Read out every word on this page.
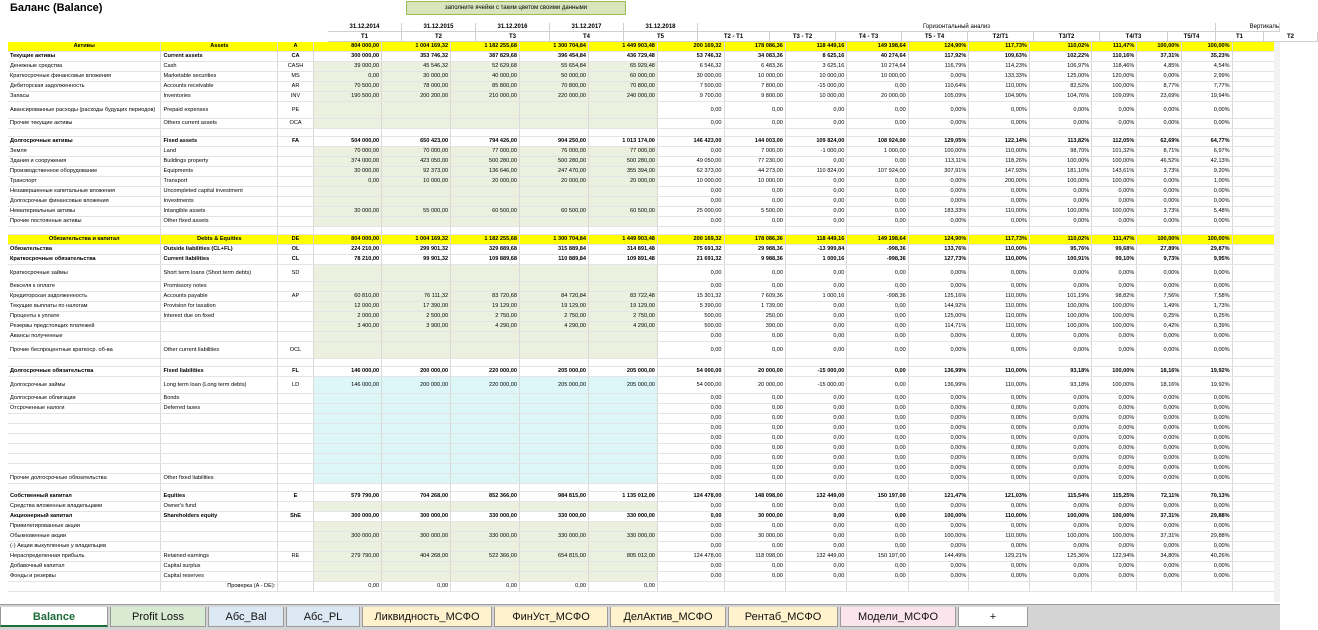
Баланс (Balance)	заполните ячейки с таким цветом своими данными
31.12.2014	31.12.2015	31.12.2016	31.12.2017	31.12.2018	Горизонтальный анализ	Вертикаль
T1	T2	T3	T4	T5	T2 - T1	T3 - T2	T4 - T3	T5 - T4	T2/T1	T3/T2	T4/T3	T5/T4	T1	T2
Активы	Assets	A	804 000,00	1 004 169,32	1 182 255,68	1 300 704,84	1 449 903,48	200 169,32	178 086,36	118 449,16	149 198,64	124,90%	117,73%	110,02%	111,47%	100,00%	100,00%	
Текущие активы	Current assets	CA	300 000,00	353 746,32	387 829,68	396 454,84	436 729,48	53 746,32	34 083,36	8 625,16	40 274,64	117,92%	109,63%	102,22%	110,16%	37,31%	35,23%	
Денежные средства	Cash	CASH	39 000,00	45 546,32	52 629,68	55 654,84	65 929,48	6 546,32	6 483,36	3 625,16	10 274,64	116,79%	114,23%	106,97%	118,46%	4,85%	4,54%	
Краткосрочные финансовые вложения	Marketable securities	MS	0,00	30 000,00	40 000,00	50 000,00	60 000,00	30 000,00	10 000,00	10 000,00	10 000,00	0,00%	133,33%	125,00%	120,00%	0,00%	2,99%	
Дебиторская задолженность	Accounts receivable	AR	70 500,00	78 000,00	85 800,00	70 800,00	70 800,00	7 500,00	7 800,00	-15 000,00	0,00	110,64%	110,00%	82,52%	100,00%	8,77%	7,77%	
Запасы	Inventories	INV	190 500,00	200 200,00	210 000,00	220 000,00	240 000,00	9 700,00	9 800,00	10 000,00	20 000,00	105,09%	104,90%	104,76%	109,09%	23,69%	19,94%	
Авансированные расходы (расходы будущих периодов)	Prepaid expenses	PE						0,00	0,00	0,00	0,00	0,00%	0,00%	0,00%	0,00%	0,00%	0,00%	
Прочие текущие активы	Others current assets	OCA						0,00	0,00	0,00	0,00	0,00%	0,00%	0,00%	0,00%	0,00%	0,00%	

Долгосрочные активы	Fixed assets	FA	504 000,00	650 423,00	794 426,00	904 250,00	1 013 174,00	146 423,00	144 003,00	109 824,00	108 924,00	129,05%	122,14%	113,82%	112,05%	62,69%	64,77%	
Земля	Land		70 000,00	70 000,00	77 000,00	76 000,00	77 000,00	0,00	7 000,00	-1 000,00	1 000,00	100,00%	110,00%	98,70%	101,32%	8,71%	6,97%	
Здания и сооружения	Buildings property		374 000,00	423 050,00	500 280,00	500 280,00	500 280,00	49 050,00	77 230,00	0,00	0,00	113,11%	118,26%	100,00%	100,00%	46,52%	42,13%	
Производственное оборудование	Equipments		30 000,00	92 373,00	136 646,00	247 470,00	355 394,00	62 373,00	44 273,00	110 824,00	107 924,00	307,91%	147,93%	181,10%	143,61%	3,73%	9,20%	
Транспорт	Transport		0,00	10 000,00	20 000,00	20 000,00	20 000,00	10 000,00	10 000,00	0,00	0,00	0,00%	200,00%	100,00%	100,00%	0,00%	1,00%	
Незавершенные капитальные вложения	Uncompleted capital investment							0,00	0,00	0,00	0,00	0,00%	0,00%	0,00%	0,00%	0,00%	0,00%	
Долгосрочные финансовые вложения	Investments							0,00	0,00	0,00	0,00	0,00%	0,00%	0,00%	0,00%	0,00%	0,00%	
Нематериальные активы	Intangible assets		30 000,00	55 000,00	60 500,00	60 500,00	60 500,00	25 000,00	5 500,00	0,00	0,00	183,33%	110,00%	100,00%	100,00%	3,73%	5,48%	
Прочие постоянные активы	Other fixed assets							0,00	0,00	0,00	0,00	0,00%	0,00%	0,00%	0,00%	0,00%	0,00%	

Обязательства и капитал	Debts & Equities	DE	804 000,00	1 004 169,32	1 182 255,68	1 300 704,84	1 449 903,48	200 169,32	178 086,36	118 449,16	149 198,64	124,90%	117,73%	110,02%	111,47%	100,00%	100,00%	
Обязательства	Outside liabilities (CL+FL)	OL	224 210,00	299 901,32	329 889,68	315 889,84	314 891,48	75 691,32	29 988,36	-13 999,84	-998,36	133,76%	110,00%	95,76%	99,68%	27,89%	29,87%	
Краткосрочные обязательства	Current liabilities	CL	78 210,00	99 901,32	109 889,68	110 889,84	109 891,48	21 691,32	9 988,36	1 000,16	-998,36	127,73%	110,00%	100,91%	99,10%	9,73%	9,95%	
Краткосрочные займы	Short term loans (Short term debts)	SD						0,00	0,00	0,00	0,00	0,00%	0,00%	0,00%	0,00%	0,00%	0,00%	
Векселя к оплате	Promissory notes							0,00	0,00	0,00	0,00	0,00%	0,00%	0,00%	0,00%	0,00%	0,00%	
Кредиторская задолженность	Accounts payable	AP	60 810,00	76 111,32	83 720,68	84 720,84	83 722,48	15 301,32	7 609,36	1 000,16	-998,36	125,16%	110,00%	101,19%	98,82%	7,56%	7,58%	
Текущие выплаты по налогам	Provision for taxation		12 000,00	17 390,00	19 129,00	19 129,00	19 129,00	5 390,00	1 739,00	0,00	0,00	144,92%	110,00%	100,00%	100,00%	1,49%	1,73%	
Проценты к уплате	Interest due on fixed		2 000,00	2 500,00	2 750,00	2 750,00	2 750,00	500,00	250,00	0,00	0,00	125,00%	110,00%	100,00%	100,00%	0,25%	0,25%	
Резервы предстоящих платежей			3 400,00	3 900,00	4 290,00	4 290,00	4 290,00	500,00	390,00	0,00	0,00	114,71%	110,00%	100,00%	100,00%	0,42%	0,39%	
Авансы полученные								0,00	0,00	0,00	0,00	0,00%	0,00%	0,00%	0,00%	0,00%	0,00%	
Прочие беспроцентные краткоср. об-ва	Other current liabilities	OCL						0,00	0,00	0,00	0,00	0,00%	0,00%	0,00%	0,00%	0,00%	0,00%	

Долгосрочные обязательства	Fixed liabilities	FL	146 000,00	200 000,00	220 000,00	205 000,00	205 000,00	54 000,00	20 000,00	-15 000,00	0,00	136,99%	110,00%	93,18%	100,00%	18,16%	19,92%	
Долгосрочные займы	Long term loan (Long term debts)	LD	146 000,00	200 000,00	220 000,00	205 000,00	205 000,00	54 000,00	20 000,00	-15 000,00	0,00	136,99%	110,00%	93,18%	100,00%	18,16%	19,92%	
Долгосрочные облигации	Bonds							0,00	0,00	0,00	0,00	0,00%	0,00%	0,00%	0,00%	0,00%	0,00%	
Отсроченные налоги	Deferred taxes							0,00	0,00	0,00	0,00	0,00%	0,00%	0,00%	0,00%	0,00%	0,00%	
								0,00	0,00	0,00	0,00	0,00%	0,00%	0,00%	0,00%	0,00%	0,00%	
								0,00	0,00	0,00	0,00	0,00%	0,00%	0,00%	0,00%	0,00%	0,00%	
								0,00	0,00	0,00	0,00	0,00%	0,00%	0,00%	0,00%	0,00%	0,00%	
								0,00	0,00	0,00	0,00	0,00%	0,00%	0,00%	0,00%	0,00%	0,00%	
								0,00	0,00	0,00	0,00	0,00%	0,00%	0,00%	0,00%	0,00%	0,00%	
								0,00	0,00	0,00	0,00	0,00%	0,00%	0,00%	0,00%	0,00%	0,00%	
Прочие долгосрочные обязательства	Other fixed liabilities							0,00	0,00	0,00	0,00	0,00%	0,00%	0,00%	0,00%	0,00%	0,00%	

Собственный капитал	Equities	E	579 790,00	704 268,00	852 366,00	984 815,00	1 135 012,00	124 478,00	148 098,00	132 449,00	150 197,00	121,47%	121,03%	115,54%	115,25%	72,11%	70,13%	
Средства вложенные владельцами	Owner's fund							0,00	0,00	0,00	0,00	0,00%	0,00%	0,00%	0,00%	0,00%	0,00%	
Акционерный капитал	Shareholders equity	ShE	300 000,00	300 000,00	330 000,00	330 000,00	330 000,00	0,00	30 000,00	0,00	0,00	100,00%	110,00%	100,00%	100,00%	37,31%	29,88%	
Привилегированные акции								0,00	0,00	0,00	0,00	0,00%	0,00%	0,00%	0,00%	0,00%	0,00%	
Обыкновенные акции			300 000,00	300 000,00	330 000,00	330 000,00	330 000,00	0,00	30 000,00	0,00	0,00	100,00%	110,00%	100,00%	100,00%	37,31%	29,88%	
(-) Акции выкупленные у владельцев								0,00	0,00	0,00	0,00	0,00%	0,00%	0,00%	0,00%	0,00%	0,00%	
Нераспределенная прибыль	Retained earnings	RE	279 790,00	404 268,00	522 366,00	654 815,00	805 012,00	124 478,00	118 098,00	132 449,00	150 197,00	144,49%	129,21%	125,36%	122,94%	34,80%	40,26%	
Добавочный капитал	Capital surplus							0,00	0,00	0,00	0,00	0,00%	0,00%	0,00%	0,00%	0,00%	0,00%	
Фонды и резервы	Capital reserves							0,00	0,00	0,00	0,00	0,00%	0,00%	0,00%	0,00%	0,00%	0,00%	
	Проверка (A - DE):		0,00	0,00	0,00	0,00	0,00											
Balance	Profit Loss	Абс_Bal	Абс_PL	Ликвидность_МСФО	ФинУст_МСФО	ДелАктив_МСФО	Рентаб_МСФО	Модели_МСФО	+
